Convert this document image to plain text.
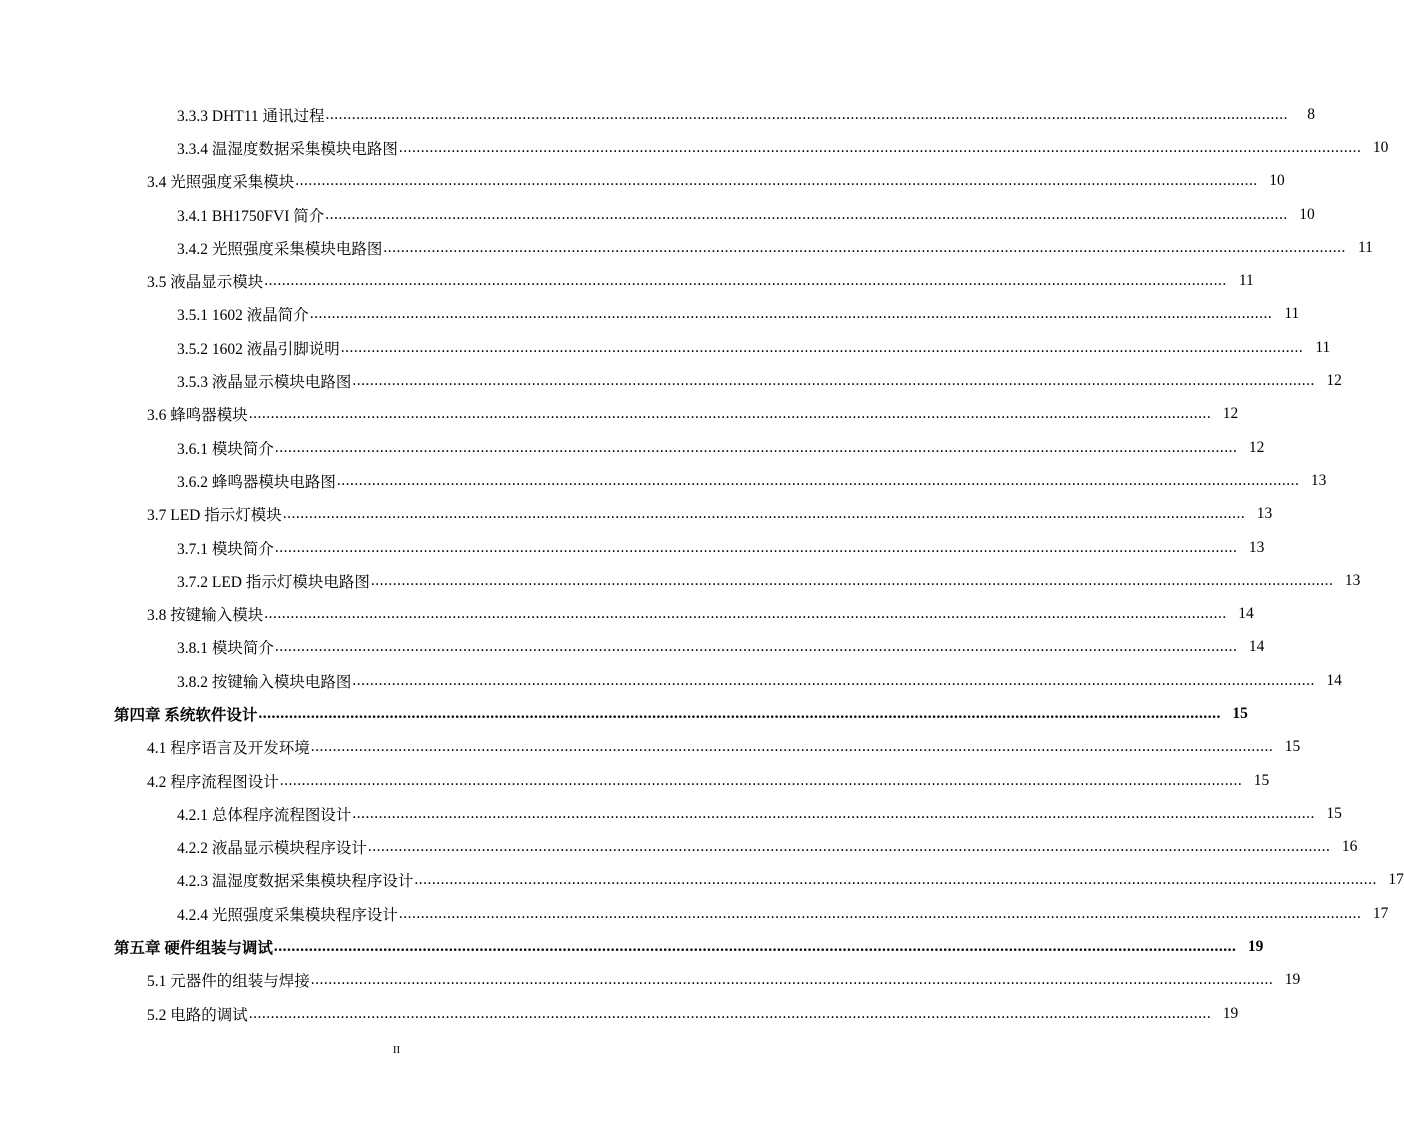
3.3.3 DHT11 通讯过程 ............................................................................................................................................................................................................................	8
3.3.4 温湿度数据采集模块电路图 ............................................................................................................................................................................................................................ 10
3.4 光照强度采集模块 ............................................................................................................................................................................................................................ 10
3.4.1 BH1750FVI 简介 ............................................................................................................................................................................................................................ 10
3.4.2 光照强度采集模块电路图 ............................................................................................................................................................................................................................ 11
3.5 液晶显示模块 ............................................................................................................................................................................................................................ 11
3.5.1 1602 液晶简介 ............................................................................................................................................................................................................................ 11
3.5.2 1602 液晶引脚说明 ............................................................................................................................................................................................................................ 11
3.5.3 液晶显示模块电路图 ............................................................................................................................................................................................................................ 12
3.6 蜂鸣器模块 ............................................................................................................................................................................................................................ 12
3.6.1 模块简介 ............................................................................................................................................................................................................................ 12
3.6.2 蜂鸣器模块电路图 ............................................................................................................................................................................................................................ 13
3.7 LED 指示灯模块 ............................................................................................................................................................................................................................ 13
3.7.1 模块简介 ............................................................................................................................................................................................................................ 13
3.7.2 LED 指示灯模块电路图 ............................................................................................................................................................................................................................ 13
3.8 按键输入模块 ............................................................................................................................................................................................................................ 14
3.8.1 模块简介 ............................................................................................................................................................................................................................ 14
3.8.2 按键输入模块电路图 ............................................................................................................................................................................................................................ 14
第四章 系统软件设计 ............................................................................................................................................................................................................................ 15
4.1 程序语言及开发环境 ............................................................................................................................................................................................................................ 15
4.2 程序流程图设计 ............................................................................................................................................................................................................................ 15
4.2.1 总体程序流程图设计 ............................................................................................................................................................................................................................ 15
4.2.2 液晶显示模块程序设计 ............................................................................................................................................................................................................................ 16
4.2.3 温湿度数据采集模块程序设计 ............................................................................................................................................................................................................................ 17
4.2.4 光照强度采集模块程序设计 ............................................................................................................................................................................................................................ 17
第五章 硬件组装与调试 ............................................................................................................................................................................................................................ 19
5.1 元器件的组装与焊接 ............................................................................................................................................................................................................................ 19
5.2 电路的调试 ............................................................................................................................................................................................................................ 19
II
